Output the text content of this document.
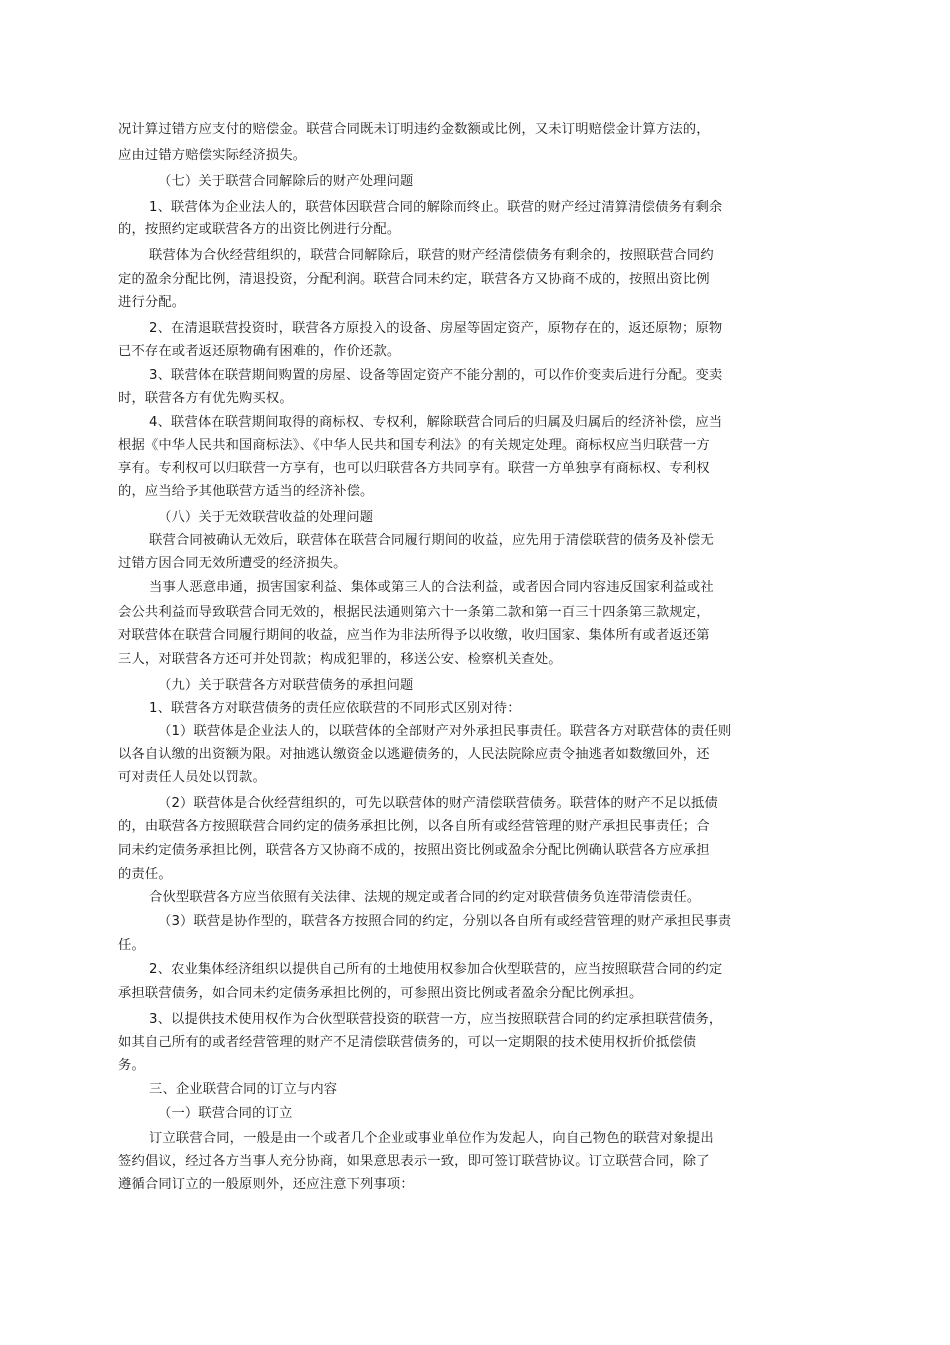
况计算过错方应支付的赔偿金。联营合同既未订明违约金数额或比例，又未订明赔偿金计算方法的，
应由过错方赔偿实际经济损失。
（七）关于联营合同解除后的财产处理问题
1、联营体为企业法人的，联营体因联营合同的解除而终止。联营的财产经过清算清偿债务有剩余
的，按照约定或联营各方的出资比例进行分配。
联营体为合伙经营组织的，联营合同解除后，联营的财产经清偿债务有剩余的，按照联营合同约
定的盈余分配比例，清退投资，分配利润。联营合同未约定，联营各方又协商不成的，按照出资比例
进行分配。
2、在清退联营投资时，联营各方原投入的设备、房屋等固定资产，原物存在的，返还原物；原物
已不存在或者返还原物确有困难的，作价还款。
3、联营体在联营期间购置的房屋、设备等固定资产不能分割的，可以作价变卖后进行分配。变卖
时，联营各方有优先购买权。
4、联营体在联营期间取得的商标权、专权利，解除联营合同后的归属及归属后的经济补偿，应当
根据《中华人民共和国商标法》、《中华人民共和国专利法》的有关规定处理。商标权应当归联营一方
享有。专利权可以归联营一方享有，也可以归联营各方共同享有。联营一方单独享有商标权、专利权
的，应当给予其他联营方适当的经济补偿。
（八）关于无效联营收益的处理问题
联营合同被确认无效后，联营体在联营合同履行期间的收益，应先用于清偿联营的债务及补偿无
过错方因合同无效所遭受的经济损失。
当事人恶意串通，损害国家利益、集体或第三人的合法利益，或者因合同内容违反国家利益或社
会公共利益而导致联营合同无效的，根据民法通则第六十一条第二款和第一百三十四条第三款规定，
对联营体在联营合同履行期间的收益，应当作为非法所得予以收缴，收归国家、集体所有或者返还第
三人，对联营各方还可并处罚款；构成犯罪的，移送公安、检察机关查处。
（九）关于联营各方对联营债务的承担问题
1、联营各方对联营债务的责任应依联营的不同形式区别对待：
（1）联营体是企业法人的，以联营体的全部财产对外承担民事责任。联营各方对联营体的责任则
以各自认缴的出资额为限。对抽逃认缴资金以逃避债务的，人民法院除应责令抽逃者如数缴回外，还
可对责任人员处以罚款。
（2）联营体是合伙经营组织的，可先以联营体的财产清偿联营债务。联营体的财产不足以抵债
的，由联营各方按照联营合同约定的债务承担比例，以各自所有或经营管理的财产承担民事责任；合
同未约定债务承担比例，联营各方又协商不成的，按照出资比例或盈余分配比例确认联营各方应承担
的责任。
合伙型联营各方应当依照有关法律、法规的规定或者合同的约定对联营债务负连带清偿责任。
（3）联营是协作型的，联营各方按照合同的约定，分别以各自所有或经营管理的财产承担民事责
任。
2、农业集体经济组织以提供自己所有的土地使用权参加合伙型联营的，应当按照联营合同的约定
承担联营债务，如合同未约定债务承担比例的，可参照出资比例或者盈余分配比例承担。
3、以提供技术使用权作为合伙型联营投资的联营一方，应当按照联营合同的约定承担联营债务，
如其自己所有的或者经营管理的财产不足清偿联营债务的，可以一定期限的技术使用权折价抵偿债
务。
三、企业联营合同的订立与内容
（一）联营合同的订立
订立联营合同，一般是由一个或者几个企业或事业单位作为发起人，向自己物色的联营对象提出
签约倡议，经过各方当事人充分协商，如果意思表示一致，即可签订联营协议。订立联营合同，除了
遵循合同订立的一般原则外，还应注意下列事项：
